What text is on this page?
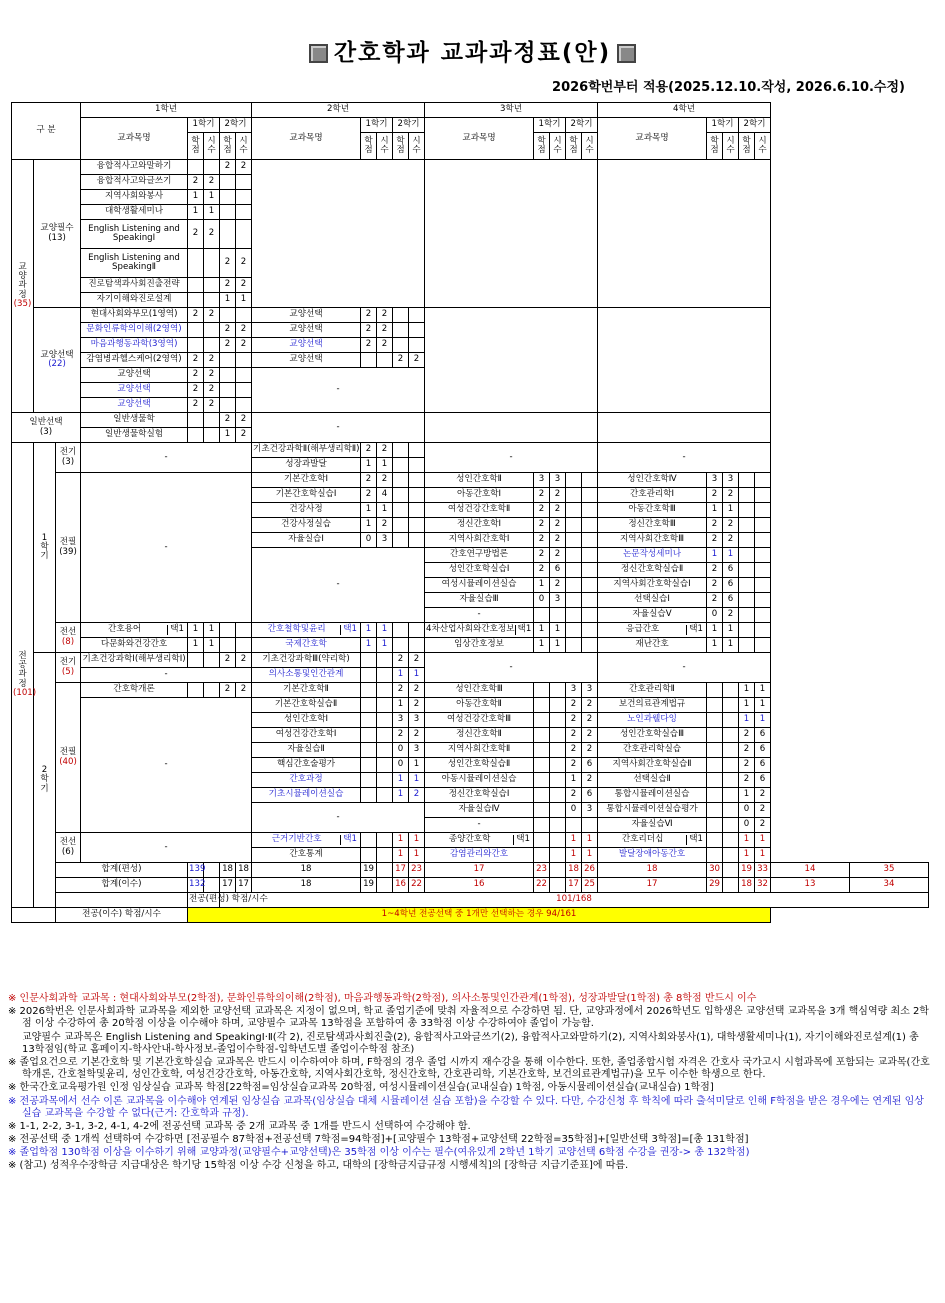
간호학과 교과과정표(안)
2026학번부터 적용(2025.12.10.작성, 2026.6.10.수정)
구 분			1학년					2학년					3학년					4학년						
			교과목명	1학기		2학기		교과목명	1학기		2학기		교과목명	1학기		2학기		교과목명	1학기		2학기			
				학 점	시 수	학 점	시 수		학 점	시 수	학 점	시 수		학 점	시 수	학 점	시 수		학 점	시 수	학 점	시 수		
교
양
과
정
(35)	교양필수
(13)		융합적사고와말하기			2	2																	
			융합적사고와글쓰기	2	2																			
			지역사회와봉사	1	1																			
			대학생활세미나	1	1																			
			English Listening and SpeakingⅠ	2	2																			
			English Listening and SpeakingⅡ			2	2																	
			진로탐색과사회진출전략			2	2																	
			자기이해와진로설계			1	1																	
	교양선택
(22)		현대사회와부모(1영역)	2	2			교양선택	2	2														
			문화인류학의이해(2영역)			2	2	교양선택	2	2														
			마음과행동과학(3영역)			2	2	교양선택	2	2														
			감염병과헬스케어(2영역)	2	2			교양선택			2	2												
			교양선택	2	2			-																
			교양선택	2	2																			
			교양선택	2	2																			
일반선택
(3)			일반생물학			2	2	-																
			일반생물학실험			1	2																	
전
공
과
정
(101)	1
학
기	전기
(3)	-					기초건강과학Ⅱ(해부생리학Ⅱ)	2	2			-					-						
								성장과발달	1	1														
		전필
(39)	-					기본간호학Ⅰ	2	2			성인간호학Ⅱ	3	3			성인간호학Ⅳ	3	3				
								기본간호학실습Ⅰ	2	4			아동간호학Ⅰ	2	2			간호관리학Ⅰ	2	2				
								건강사정	1	1			여성건강간호학Ⅱ	2	2			아동간호학Ⅲ	1	1				
								건강사정실습	1	2			정신간호학Ⅰ	2	2			정신간호학Ⅲ	2	2				
								자율실습Ⅰ	0	3			지역사회간호학Ⅰ	2	2			지역사회간호학Ⅲ	2	2				
								-					간호연구방법론	2	2			논문작성세미나	1	1				
													성인간호학실습Ⅰ	2	6			정신간호학실습Ⅱ	2	6				
													여성시뮬레이션실습	1	2			지역사회간호학실습Ⅰ	2	6				
													자율실습Ⅲ	0	3			선택실습Ⅰ	2	6				
													-					자율실습Ⅴ	0	2				
		전선
(8)	간호용어 택1	1	1			간호철학및윤리 택1	1	1			4차산업사회와간호정보 택1	1	1			응급간호 택1	1	1				
			다문화와건강간호	1	1			국제간호학	1	1			임상간호정보	1	1			재난간호	1	1				
	2
학
기	전기
(5)	기초건강과학Ⅰ(해부생리학Ⅰ)			2	2	기초건강과학Ⅲ(약리학)			2	2	-					-						
			-					의사소통및인간관계			1	1												
		전필
(40)	간호학개론			2	2	기본간호학Ⅱ			2	2	성인간호학Ⅲ			3	3	간호관리학Ⅱ			1	1		
			-					기본간호학실습Ⅱ			1	2	아동간호학Ⅱ			2	2	보건의료관계법규			1	1		
								성인간호학Ⅰ			3	3	여성건강간호학Ⅲ			2	2	노인과웰다잉			1	1		
								여성건강간호학Ⅰ			2	2	정신간호학Ⅱ			2	2	성인간호학실습Ⅲ			2	6		
								자율실습Ⅱ			0	3	지역사회간호학Ⅱ			2	2	간호관리학실습			2	6		
								핵심간호술평가			0	1	성인간호학실습Ⅱ			2	6	지역사회간호학실습Ⅱ			2	6		
								간호과정			1	1	아동시뮬레이션실습			1	2	선택실습Ⅱ			2	6		
								기초시뮬레이션실습			1	2	정신간호학실습Ⅰ			2	6	통합시뮬레이션실습			1	2		
								-					자율실습Ⅳ			0	3	통합시뮬레이션실습평가			0	2		
													-					자율실습Ⅵ			0	2		
		전선
(6)	-					근거기반간호 택1			1	1	종양간호학 택1			1	1	간호리더십 택1			1	1		
								간호통계			1	1	감염관리와간호			1	1	발달장애아동간호			1	1		
		합계(편성)		139		18	18	18	19		17	23	17	23		18	26	18	30		19	33	14	35
		합계(이수)		132		17	17	18	19		16	22	16	22		17	25	17	29		18	32	13	34
				전공(편성) 학점/시수		101/168																		
		전공(이수) 학점/시수		1~4학년 전공선택 중 1개만 선택하는 경우 94/161																				

※ 인문사회과학 교과목 : 현대사회와부모(2학점), 문화인류학의이해(2학점), 마음과행동과학(2학점), 의사소통및인간관계(1학점), 성장과발달(1학점) 총 8학점 반드시 이수

※ 2026학번은 인문사회과학 교과목을 제외한 교양선택 교과목은 지정이 없으며, 학교 졸업기준에 맞춰 자율적으로 수강하면 됨. 단, 교양과정에서 2026학년도 입학생은 교양선택 교과목을 3개 핵심역량 최소 2학점 이상 수강하여 총 20학점 이상을 이수해야 하며, 교양필수 교과목 13학점을 포함하여 총 33학점 이상 수강하여야 졸업이 가능함.

교양필수 교과목은 English Listening and SpeakingⅠ·Ⅱ(각 2), 진로탐색과사회진출(2), 융합적사고와글쓰기(2), 융합적사고와말하기(2), 지역사회와봉사(1), 대학생활세미나(1), 자기이해와진로설계(1) 총 13학점임(학교 홈페이지-학사안내-학사정보-졸업이수학점-입학년도별 졸업이수학점 참조)

※ 졸업요건으로 기본간호학 및 기본간호학실습 교과목은 반드시 이수하여야 하며, F학점의 경우 졸업 시까지 재수강을 통해 이수한다. 또한, 졸업종합시험 자격은 간호사 국가고시 시험과목에 포함되는 교과목(간호학개론, 간호철학및윤리, 성인간호학, 여성건강간호학, 아동간호학, 지역사회간호학, 정신간호학, 간호관리학, 기본간호학, 보건의료관계법규)을 모두 이수한 학생으로 한다.

※ 한국간호교육평가원 인정 임상실습 교과목 학점[22학점=임상실습교과목 20학점, 여성시뮬레이션실습(교내실습) 1학점, 아동시뮬레이션실습(교내실습) 1학점]

※ 전공과목에서 선수 이론 교과목을 이수해야 연계된 임상실습 교과목(임상실습 대체 시뮬레이션 실습 포함)을 수강할 수 있다. 다만, 수강신청 후 학칙에 따라 출석미달로 인해 F학점을 받은 경우에는 연계된 임상실습 교과목을 수강할 수 없다(근거: 간호학과 규정).

※ 1-1, 2-2, 3-1, 3-2, 4-1, 4-2에 전공선택 교과목 중 2개 교과목 중 1개를 반드시 선택하여 수강해야 함.

※ 전공선택 중 1개씩 선택하여 수강하면 [전공필수 87학점+전공선택 7학점=94학점]+[교양필수 13학점+교양선택 22학점=35학점]+[일반선택 3학점]=[총 131학점]

※ 졸업학점 130학점 이상을 이수하기 위해 교양과정(교양필수+교양선택)은 35학점 이상 이수는 필수(여유있게 2학년 1학기 교양선택 6학점 수강을 권장-> 총 132학점)

※ (참고) 성적우수장학금 지급대상은 학기당 15학점 이상 수강 신청을 하고, 대학의 [장학금지급규정 시행세칙]의 [장학금 지급기준표]에 따름.
